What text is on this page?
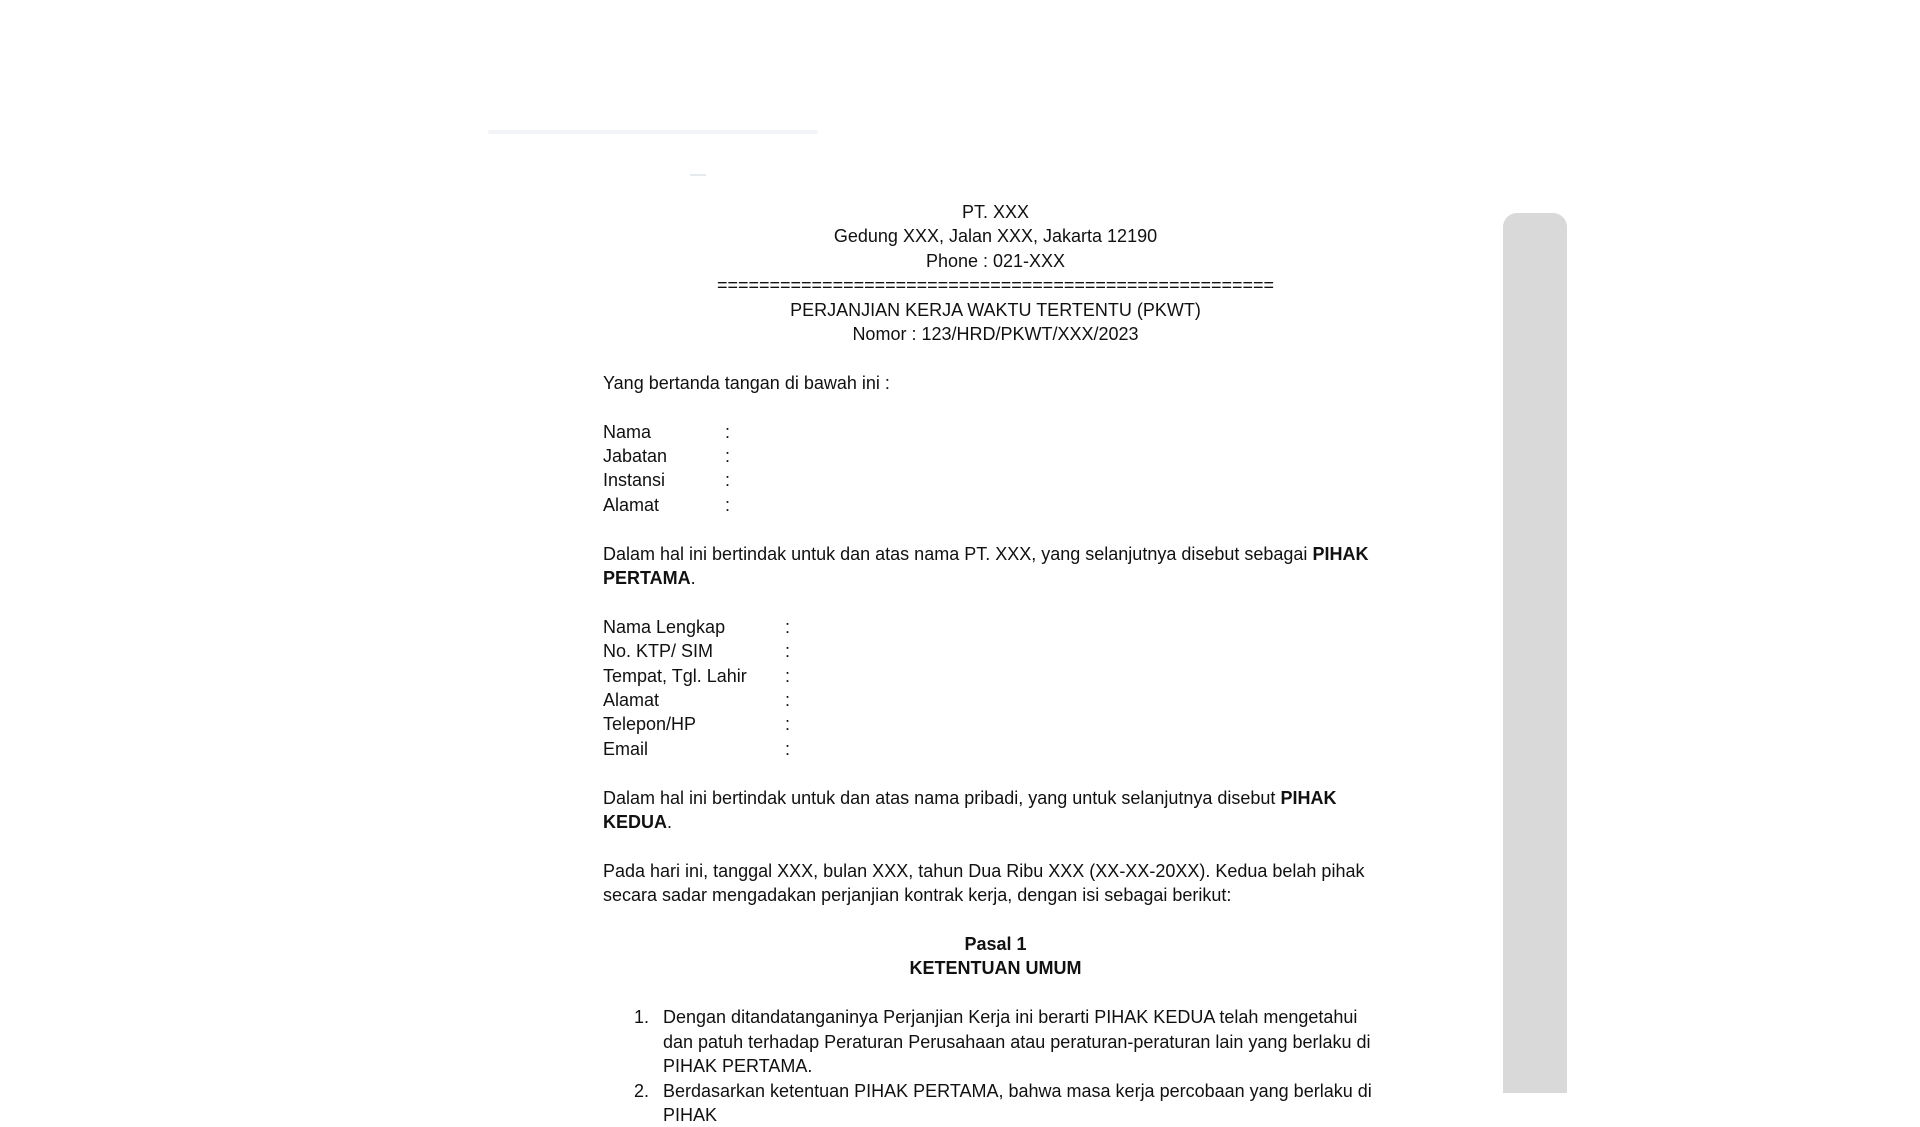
PT. XXX
Gedung XXX, Jalan XXX, Jakarta 12190
Phone : 021-XXX
=====================================================
PERJANJIAN KERJA WAKTU TERTENTU (PKWT)
Nomor : 123/HRD/PKWT/XXX/2023
Yang bertanda tangan di bawah ini :
Nama	:
Jabatan	:
Instansi	:
Alamat	:
Dalam hal ini bertindak untuk dan atas nama PT. XXX, yang selanjutnya disebut sebagai PIHAK PERTAMA.
Nama Lengkap	:
No. KTP/ SIM	:
Tempat, Tgl. Lahir	:
Alamat	:
Telepon/HP	:
Email	:
Dalam hal ini bertindak untuk dan atas nama pribadi, yang untuk selanjutnya disebut PIHAK KEDUA.
Pada hari ini, tanggal XXX, bulan XXX, tahun Dua Ribu XXX (XX-XX-20XX). Kedua belah pihak secara sadar mengadakan perjanjian kontrak kerja, dengan isi sebagai berikut:
Pasal 1
KETENTUAN UMUM
1. Dengan ditandatanganinya Perjanjian Kerja ini berarti PIHAK KEDUA telah mengetahui dan patuh terhadap Peraturan Perusahaan atau peraturan-peraturan lain yang berlaku di PIHAK PERTAMA.
2. Berdasarkan ketentuan PIHAK PERTAMA, bahwa masa kerja percobaan yang berlaku di PIHAK
